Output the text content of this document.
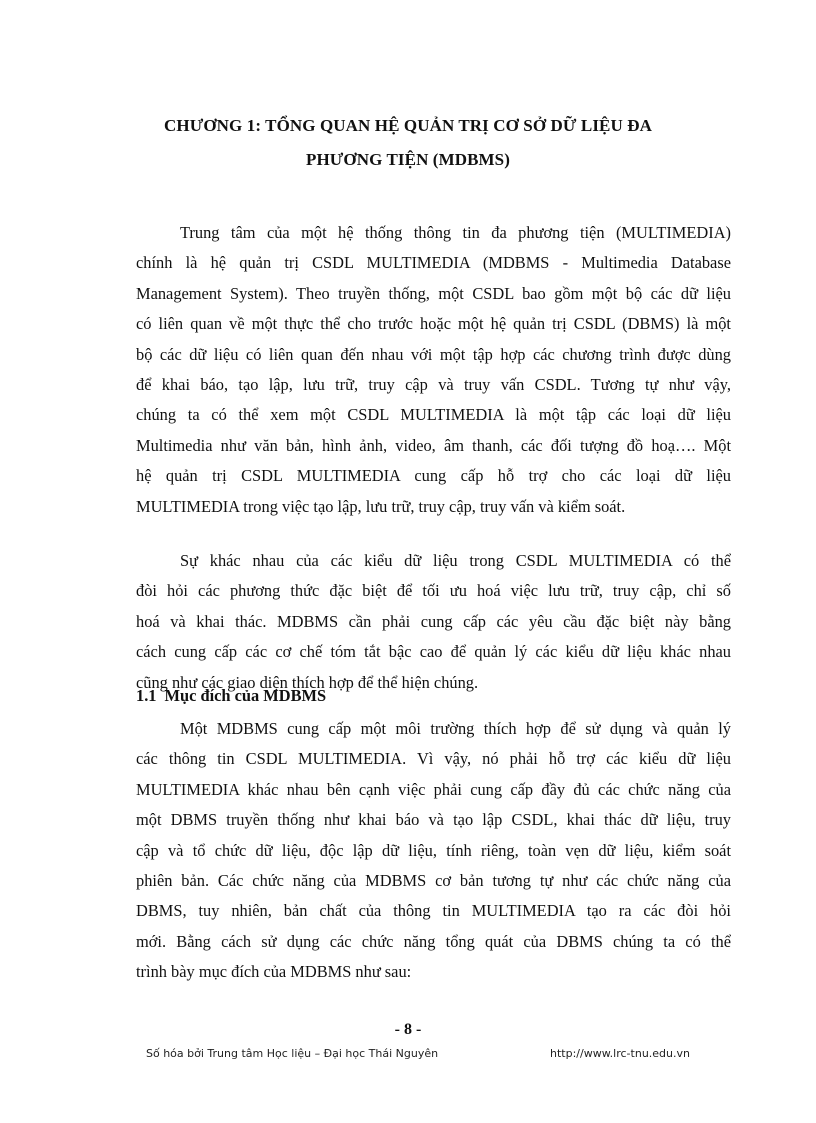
CHƯƠNG 1: TỔNG QUAN HỆ QUẢN TRỊ CƠ SỞ DỮ LIỆU ĐA
PHƯƠNG TIỆN (MDBMS)
Trung tâm của một hệ thống thông tin đa phương tiện (MULTIMEDIA)
chính là hệ quản trị CSDL MULTIMEDIA (MDBMS - Multimedia Database
Management System). Theo truyền thống, một CSDL bao gồm một bộ các dữ liệu
có liên quan về một thực thể cho trước hoặc một hệ quản trị CSDL (DBMS) là một
bộ các dữ liệu có liên quan đến nhau với một tập hợp các chương trình được dùng
để khai báo, tạo lập, lưu trữ, truy cập và truy vấn CSDL. Tương tự như vậy,
chúng ta có thể xem một CSDL MULTIMEDIA là một tập các loại dữ liệu
Multimedia như văn bản, hình ảnh, video, âm thanh, các đối tượng đồ hoạ…. Một
hệ quản trị CSDL MULTIMEDIA cung cấp hỗ trợ cho các loại dữ liệu
MULTIMEDIA trong việc tạo lập, lưu trữ, truy cập, truy vấn và kiểm soát.
Sự khác nhau của các kiểu dữ liệu trong CSDL MULTIMEDIA có thể
đòi hỏi các phương thức đặc biệt để tối ưu hoá việc lưu trữ, truy cập, chỉ số
hoá và khai thác. MDBMS cần phải cung cấp các yêu cầu đặc biệt này bằng
cách cung cấp các cơ chế tóm tắt bậc cao để quản lý các kiểu dữ liệu khác nhau
cũng như các giao diện thích hợp để thể hiện chúng.
1.1 Mục đích của MDBMS
Một MDBMS cung cấp một môi trường thích hợp để sử dụng và quản lý
các thông tin CSDL MULTIMEDIA. Vì vậy, nó phải hỗ trợ các kiểu dữ liệu
MULTIMEDIA khác nhau bên cạnh việc phải cung cấp đầy đủ các chức năng của
một DBMS truyền thống như khai báo và tạo lập CSDL, khai thác dữ liệu, truy
cập và tổ chức dữ liệu, độc lập dữ liệu, tính riêng, toàn vẹn dữ liệu, kiểm soát
phiên bản. Các chức năng của MDBMS cơ bản tương tự như các chức năng của
DBMS, tuy nhiên, bản chất của thông tin MULTIMEDIA tạo ra các đòi hỏi
mới. Bằng cách sử dụng các chức năng tổng quát của DBMS chúng ta có thể
trình bày mục đích của MDBMS như sau:
- 8 -
Số hóa bởi Trung tâm Học liệu – Đại học Thái Nguyên	http://www.lrc-tnu.edu.vn
